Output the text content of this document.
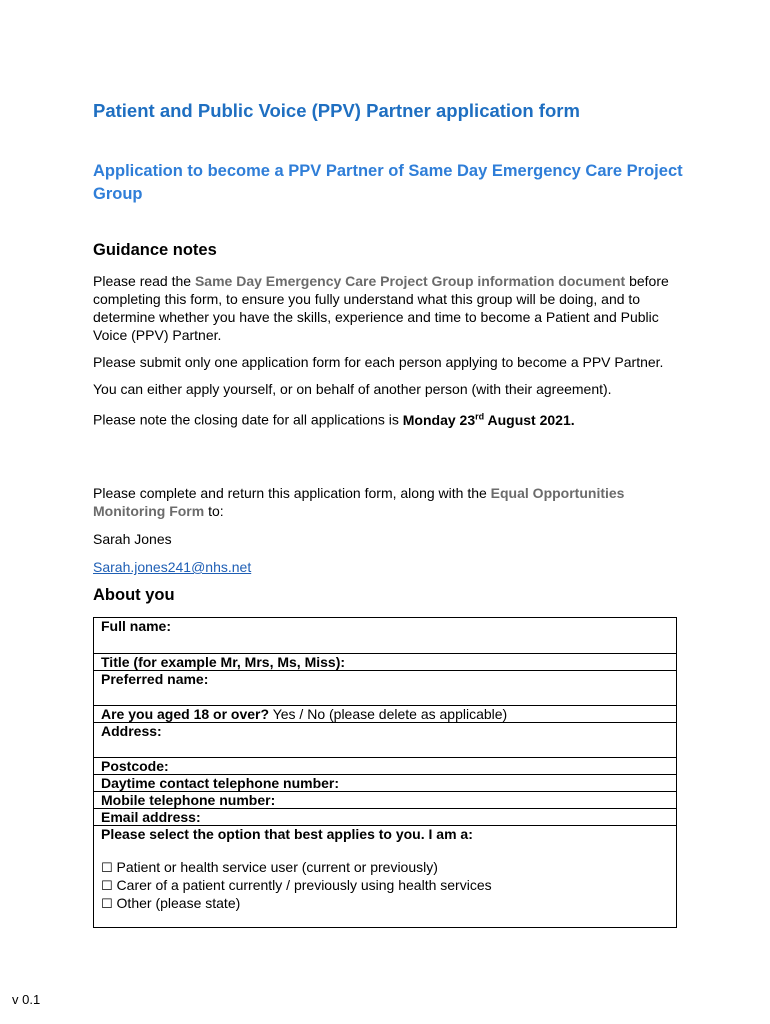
Patient and Public Voice (PPV) Partner application form
Application to become a PPV Partner of Same Day Emergency Care Project Group
Guidance notes

Please read the Same Day Emergency Care Project Group information document before completing this form, to ensure you fully understand what this group will be doing, and to determine whether you have the skills, experience and time to become a Patient and Public Voice (PPV) Partner.

Please submit only one application form for each person applying to become a PPV Partner.

You can either apply yourself, or on behalf of another person (with their agreement).

Please note the closing date for all applications is Monday 23rd August 2021.

Please complete and return this application form, along with the Equal Opportunities Monitoring Form to:

Sarah Jones

Sarah.jones241@nhs.net

About you
Full name:
Title (for example Mr, Mrs, Ms, Miss):
Preferred name:
Are you aged 18 or over? Yes / No (please delete as applicable)
Address:
Postcode:
Daytime contact telephone number:
Mobile telephone number:
Email address:
Please select the option that best applies to you. I am a:
☐ Patient or health service user (current or previously)
☐ Carer of a patient currently / previously using health services
☐ Other (please state)
v 0.1
